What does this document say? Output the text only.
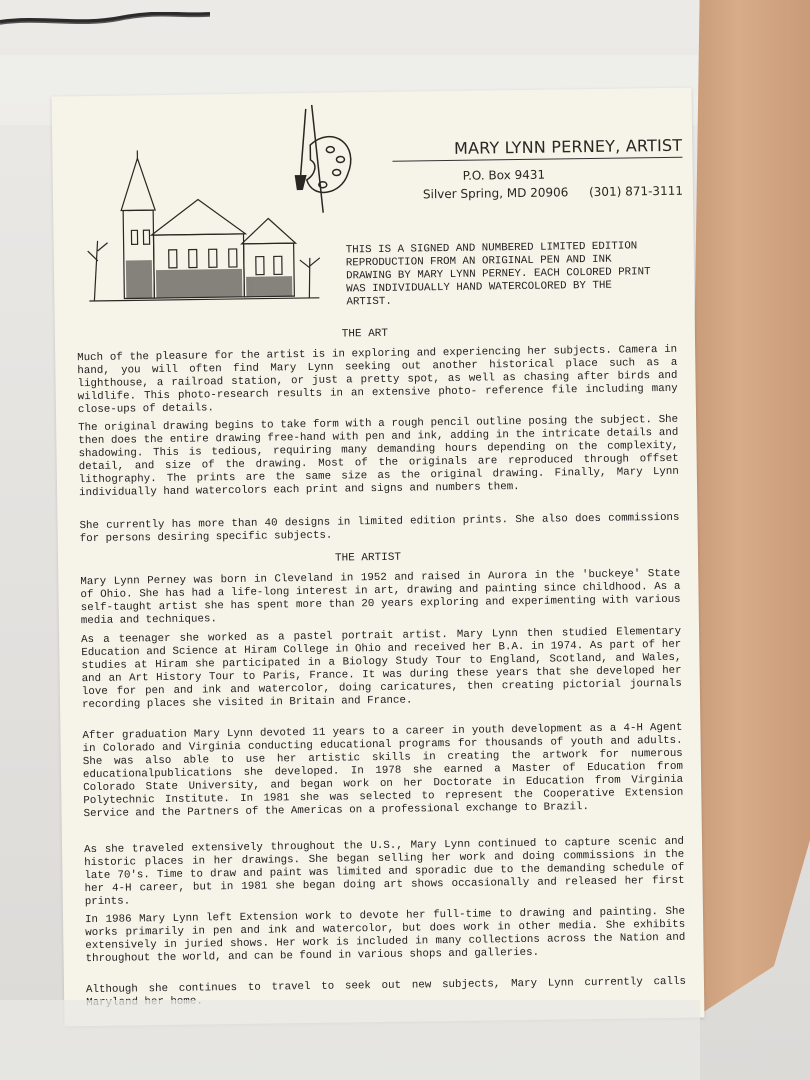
MARY LYNN PERNEY, ARTIST
P.O. Box 9431
Silver Spring, MD 20906 (301) 871-3111
THIS IS A SIGNED AND NUMBERED LIMITED EDITION REPRODUCTION FROM AN ORIGINAL PEN AND INK DRAWING BY MARY LYNN PERNEY. EACH COLORED PRINT WAS INDIVIDUALLY HAND WATERCOLORED BY THE ARTIST.
THE ART
Much of the pleasure for the artist is in exploring and experiencing her subjects. Camera in hand, you will often find Mary Lynn seeking out another historical place such as a lighthouse, a railroad station, or just a pretty spot, as well as chasing after birds and wildlife. This photo-research results in an extensive photo- reference file including many close-ups of details.
The original drawing begins to take form with a rough pencil outline posing the subject. She then does the entire drawing free-hand with pen and ink, adding in the intricate details and shadowing. This is tedious, requiring many demanding hours depending on the complexity, detail, and size of the drawing. Most of the originals are reproduced through offset lithography. The prints are the same size as the original drawing. Finally, Mary Lynn individually hand watercolors each print and signs and numbers them.
She currently has more than 40 designs in limited edition prints. She also does commissions for persons desiring specific subjects.
THE ARTIST
Mary Lynn Perney was born in Cleveland in 1952 and raised in Aurora in the 'buckeye' State of Ohio. She has had a life-long interest in art, drawing and painting since childhood. As a self-taught artist she has spent more than 20 years exploring and experimenting with various media and techniques.
As a teenager she worked as a pastel portrait artist. Mary Lynn then studied Elementary Education and Science at Hiram College in Ohio and received her B.A. in 1974. As part of her studies at Hiram she participated in a Biology Study Tour to England, Scotland, and Wales, and an Art History Tour to Paris, France. It was during these years that she developed her love for pen and ink and watercolor, doing caricatures, then creating pictorial journals recording places she visited in Britain and France.
After graduation Mary Lynn devoted 11 years to a career in youth development as a 4-H Agent in Colorado and Virginia conducting educational programs for thousands of youth and adults. She was also able to use her artistic skills in creating the artwork for numerous educationalpublications she developed. In 1978 she earned a Master of Education from Colorado State University, and began work on her Doctorate in Education from Virginia Polytechnic Institute. In 1981 she was selected to represent the Cooperative Extension Service and the Partners of the Americas on a professional exchange to Brazil.
As she traveled extensively throughout the U.S., Mary Lynn continued to capture scenic and historic places in her drawings. She began selling her work and doing commissions in the late 70's. Time to draw and paint was limited and sporadic due to the demanding schedule of her 4-H career, but in 1981 she began doing art shows occasionally and released her first prints.
In 1986 Mary Lynn left Extension work to devote her full-time to drawing and painting. She works primarily in pen and ink and watercolor, but does work in other media. She exhibits extensively in juried shows. Her work is included in many collections across the Nation and throughout the world, and can be found in various shops and galleries.
Although she continues to travel to seek out new subjects, Mary Lynn currently calls
